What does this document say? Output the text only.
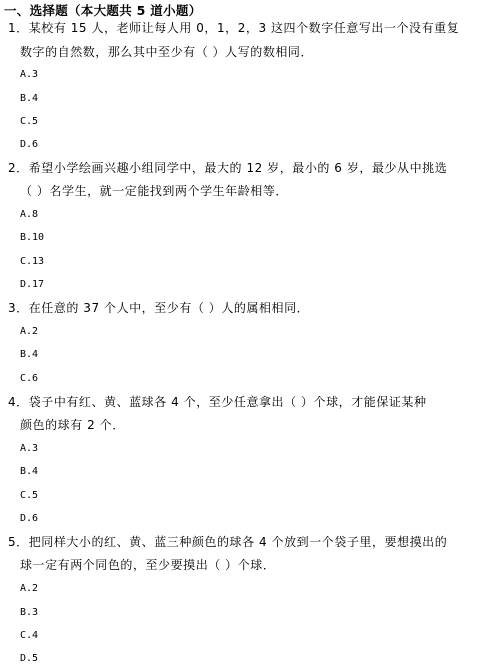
一、选择题（本大题共 5 道小题）
1．某校有 15 人，老师让每人用 0，1，2，3 这四个数字任意写出一个没有重复
数字的自然数，那么其中至少有（ ）人写的数相同．
A.3
B.4
C.5
D.6
2．希望小学绘画兴趣小组同学中，最大的 12 岁，最小的 6 岁，最少从中挑选
（ ）名学生，就一定能找到两个学生年龄相等．
A.8
B.10
C.13
D.17
3．在任意的 37 个人中，至少有（ ）人的属相相同．
A.2
B.4
C.6
4．袋子中有红、黄、蓝球各 4 个，至少任意拿出（ ）个球，才能保证某种
颜色的球有 2 个．
A.3
B.4
C.5
D.6
5．把同样大小的红、黄、蓝三种颜色的球各 4 个放到一个袋子里，要想摸出的
球一定有两个同色的，至少要摸出（ ）个球．
A.2
B.3
C.4
D.5
